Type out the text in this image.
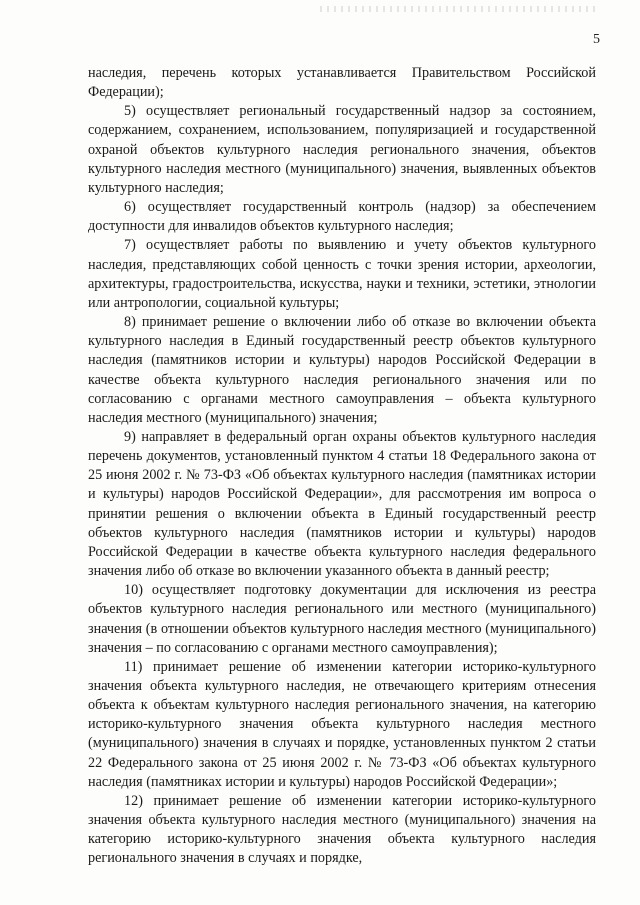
5

наследия, перечень которых устанавливается Правительством Российской Федерации);

5) осуществляет региональный государственный надзор за состоянием, содержанием, сохранением, использованием, популяризацией и государственной охраной объектов культурного наследия регионального значения, объектов культурного наследия местного (муниципального) значения, выявленных объектов культурного наследия;

6) осуществляет государственный контроль (надзор) за обеспечением доступности для инвалидов объектов культурного наследия;

7) осуществляет работы по выявлению и учету объектов культурного наследия, представляющих собой ценность с точки зрения истории, археологии, архитектуры, градостроительства, искусства, науки и техники, эстетики, этнологии или антропологии, социальной культуры;

8) принимает решение о включении либо об отказе во включении объекта культурного наследия в Единый государственный реестр объектов культурного наследия (памятников истории и культуры) народов Российской Федерации в качестве объекта культурного наследия регионального значения или по согласованию с органами местного самоуправления – объекта культурного наследия местного (муниципального) значения;

9) направляет в федеральный орган охраны объектов культурного наследия перечень документов, установленный пунктом 4 статьи 18 Федерального закона от 25 июня 2002 г. № 73-ФЗ «Об объектах культурного наследия (памятниках истории и культуры) народов Российской Федерации», для рассмотрения им вопроса о принятии решения о включении объекта в Единый государственный реестр объектов культурного наследия (памятников истории и культуры) народов Российской Федерации в качестве объекта культурного наследия федерального значения либо об отказе во включении указанного объекта в данный реестр;

10) осуществляет подготовку документации для исключения из реестра объектов культурного наследия регионального или местного (муниципального) значения (в отношении объектов культурного наследия местного (муниципального) значения – по согласованию с органами местного самоуправления);

11) принимает решение об изменении категории историко-культурного значения объекта культурного наследия, не отвечающего критериям отнесения объекта к объектам культурного наследия регионального значения, на категорию историко-культурного значения объекта культурного наследия местного (муниципального) значения в случаях и порядке, установленных пунктом 2 статьи 22 Федерального закона от 25 июня 2002 г. № 73-ФЗ «Об объектах культурного наследия (памятниках истории и культуры) народов Российской Федерации»;

12) принимает решение об изменении категории историко-культурного значения объекта культурного наследия местного (муниципального) значения на категорию историко-культурного значения объекта культурного наследия регионального значения в случаях и порядке,
